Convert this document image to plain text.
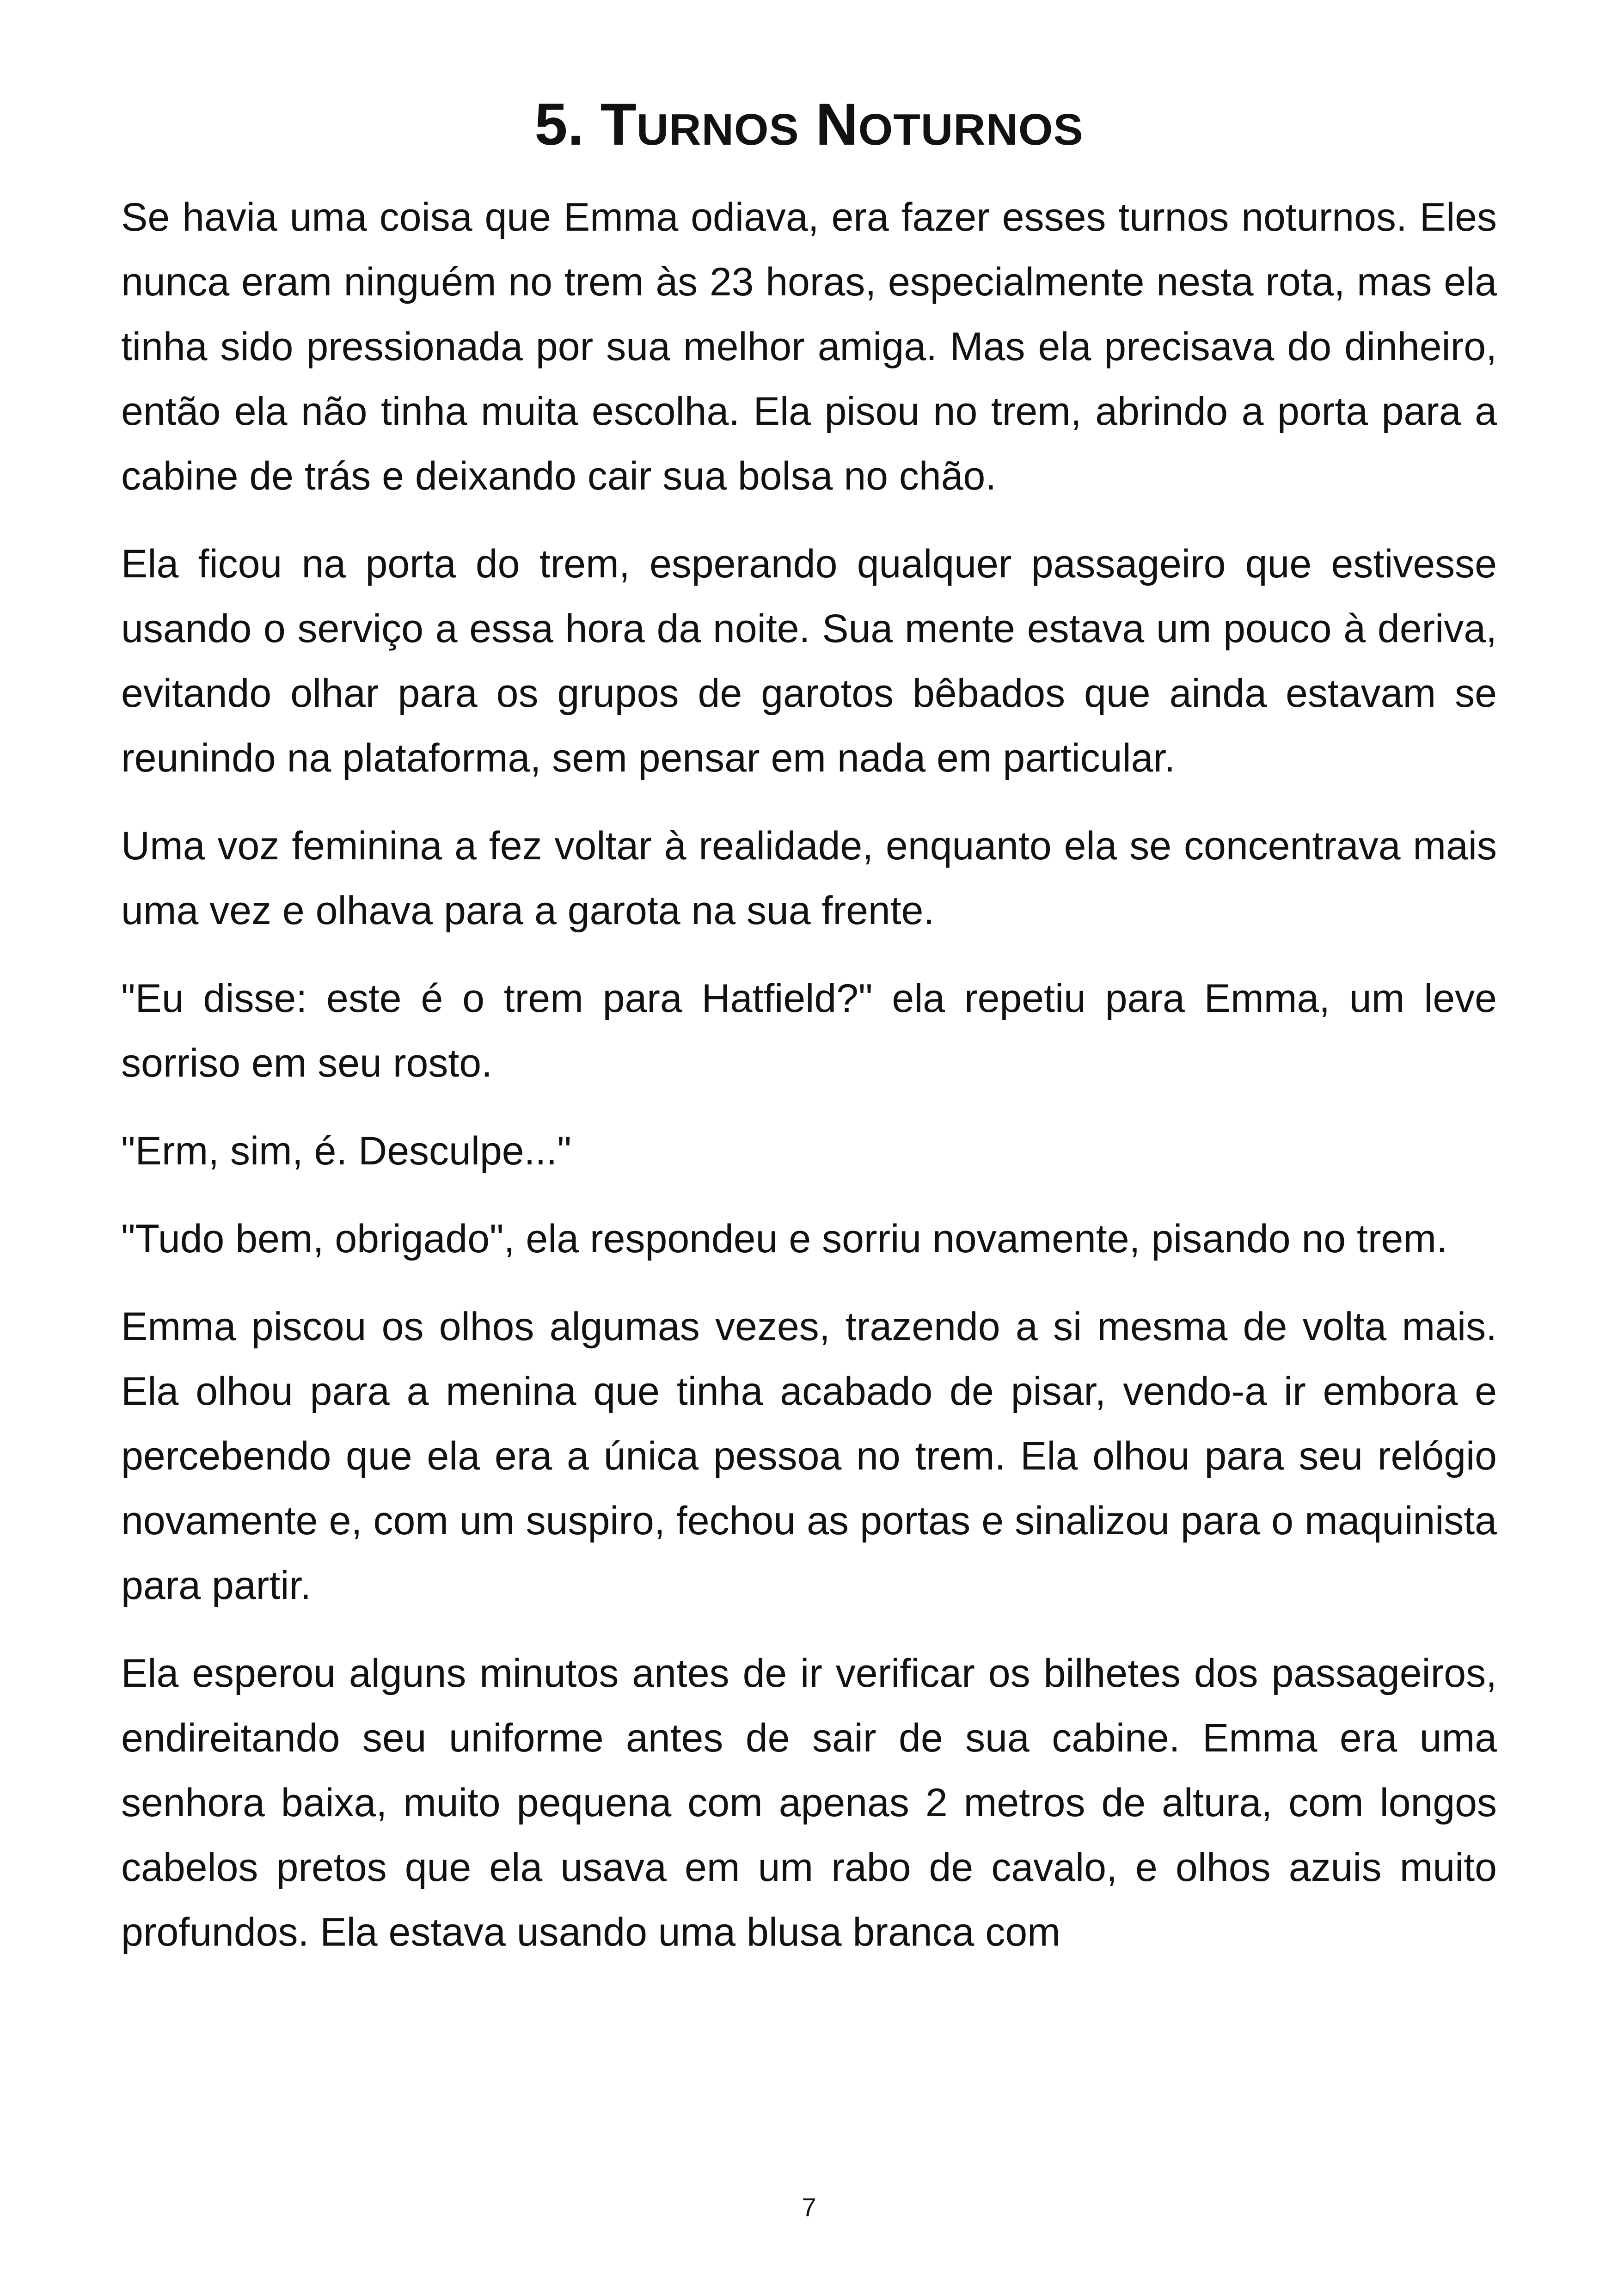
5. TURNOS NOTURNOS

Se havia uma coisa que Emma odiava, era fazer esses turnos noturnos. Eles nunca eram ninguém no trem às 23 horas, especialmente nesta rota, mas ela tinha sido pressionada por sua melhor amiga. Mas ela precisava do dinheiro, então ela não tinha muita escolha. Ela pisou no trem, abrindo a porta para a cabine de trás e deixando cair sua bolsa no chão.

Ela ficou na porta do trem, esperando qualquer passageiro que estivesse usando o serviço a essa hora da noite. Sua mente estava um pouco à deriva, evitando olhar para os grupos de garotos bêbados que ainda estavam se reunindo na plataforma, sem pensar em nada em particular.

Uma voz feminina a fez voltar à realidade, enquanto ela se concentrava mais uma vez e olhava para a garota na sua frente.

"Eu disse: este é o trem para Hatfield?" ela repetiu para Emma, um leve sorriso em seu rosto.

"Erm, sim, é. Desculpe..."

"Tudo bem, obrigado", ela respondeu e sorriu novamente, pisando no trem.

Emma piscou os olhos algumas vezes, trazendo a si mesma de volta mais. Ela olhou para a menina que tinha acabado de pisar, vendo-a ir embora e percebendo que ela era a única pessoa no trem. Ela olhou para seu relógio novamente e, com um suspiro, fechou as portas e sinalizou para o maquinista para partir.

Ela esperou alguns minutos antes de ir verificar os bilhetes dos passageiros, endireitando seu uniforme antes de sair de sua cabine. Emma era uma senhora baixa, muito pequena com apenas 2 metros de altura, com longos cabelos pretos que ela usava em um rabo de cavalo, e olhos azuis muito profundos. Ela estava usando uma blusa branca com

7
